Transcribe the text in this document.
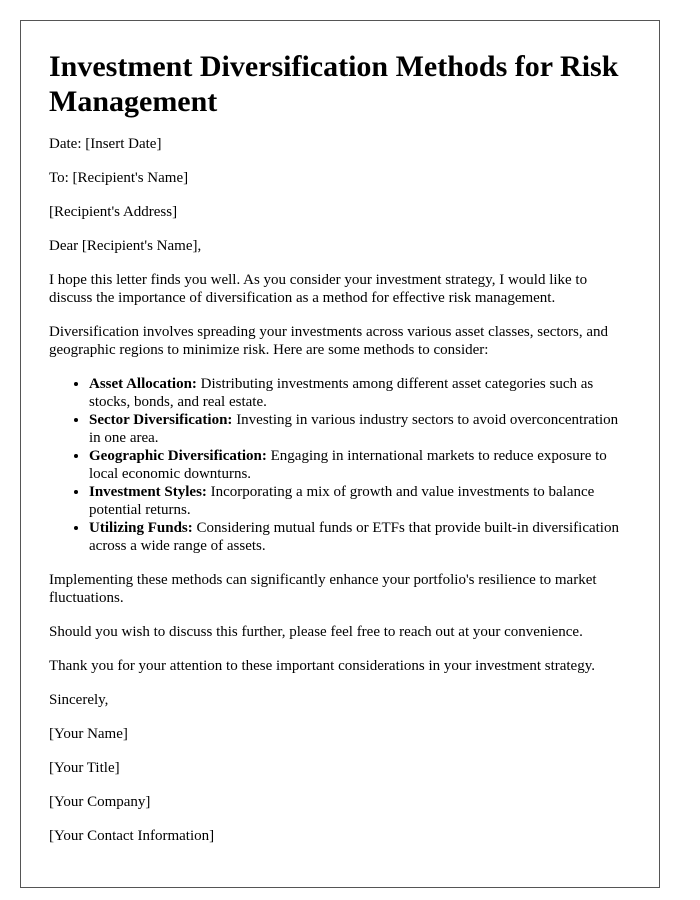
Investment Diversification Methods for Risk Management

Date: [Insert Date]

To: [Recipient's Name]

[Recipient's Address]

Dear [Recipient's Name],

I hope this letter finds you well. As you consider your investment strategy, I would like to discuss the importance of diversification as a method for effective risk management.

Diversification involves spreading your investments across various asset classes, sectors, and geographic regions to minimize risk. Here are some methods to consider:

• Asset Allocation: Distributing investments among different asset categories such as stocks, bonds, and real estate.
• Sector Diversification: Investing in various industry sectors to avoid overconcentration in one area.
• Geographic Diversification: Engaging in international markets to reduce exposure to local economic downturns.
• Investment Styles: Incorporating a mix of growth and value investments to balance potential returns.
• Utilizing Funds: Considering mutual funds or ETFs that provide built-in diversification across a wide range of assets.

Implementing these methods can significantly enhance your portfolio's resilience to market fluctuations.

Should you wish to discuss this further, please feel free to reach out at your convenience.

Thank you for your attention to these important considerations in your investment strategy.

Sincerely,

[Your Name]

[Your Title]

[Your Company]

[Your Contact Information]
